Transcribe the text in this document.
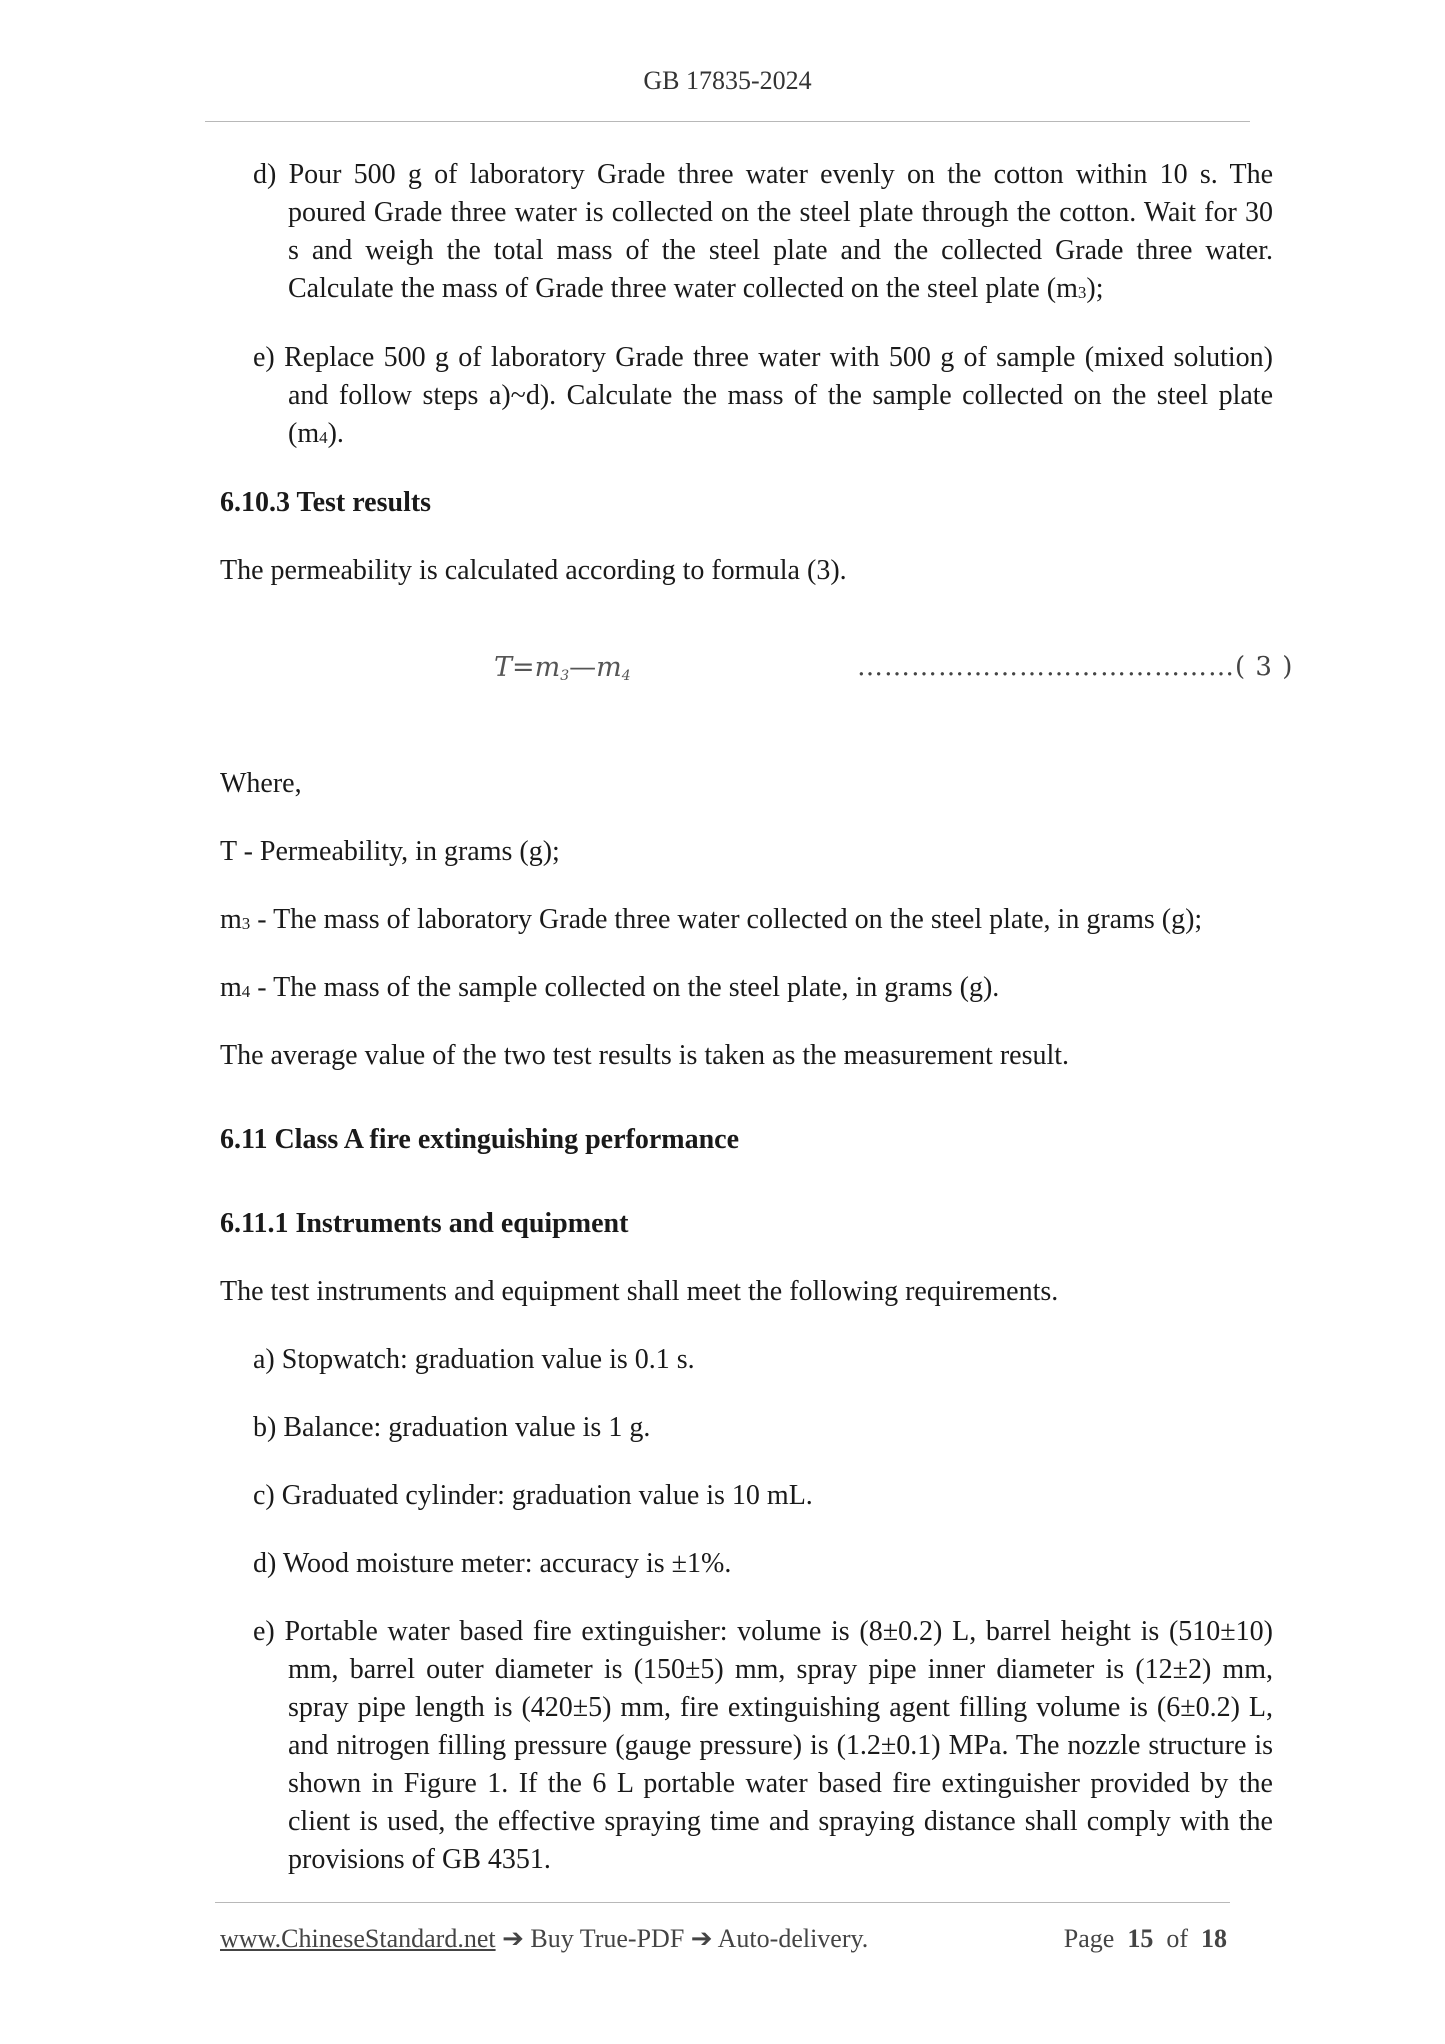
GB 17835-2024

d) Pour 500 g of laboratory Grade three water evenly on the cotton within 10 s. The poured Grade three water is collected on the steel plate through the cotton. Wait for 30 s and weigh the total mass of the steel plate and the collected Grade three water. Calculate the mass of Grade three water collected on the steel plate $(m_3)$;

e) Replace 500 g of laboratory Grade three water with 500 g of sample (mixed solution) and follow steps a)~d). Calculate the mass of the sample collected on the steel plate $(m_4)$.

6.10.3 Test results

The permeability is calculated according to formula (3).

$T=m_3—m_4$	……………………………………( 3 )

Where,

T - Permeability, in grams (g);

$m_3$ - The mass of laboratory Grade three water collected on the steel plate, in grams (g);

$m_4$ - The mass of the sample collected on the steel plate, in grams (g).

The average value of the two test results is taken as the measurement result.

6.11 Class A fire extinguishing performance

6.11.1 Instruments and equipment

The test instruments and equipment shall meet the following requirements.

a) Stopwatch: graduation value is 0.1 s.

b) Balance: graduation value is 1 g.

c) Graduated cylinder: graduation value is 10 mL.

d) Wood moisture meter: accuracy is ±1%.

e) Portable water based fire extinguisher: volume is (8±0.2) L, barrel height is (510±10) mm, barrel outer diameter is (150±5) mm, spray pipe inner diameter is (12±2) mm, spray pipe length is (420±5) mm, fire extinguishing agent filling volume is (6±0.2) L, and nitrogen filling pressure (gauge pressure) is (1.2±0.1) MPa. The nozzle structure is shown in Figure 1. If the 6 L portable water based fire extinguisher provided by the client is used, the effective spraying time and spraying distance shall comply with the provisions of GB 4351.

www.ChineseStandard.net ➔ Buy True-PDF ➔ Auto-delivery.	Page 15 of 18
